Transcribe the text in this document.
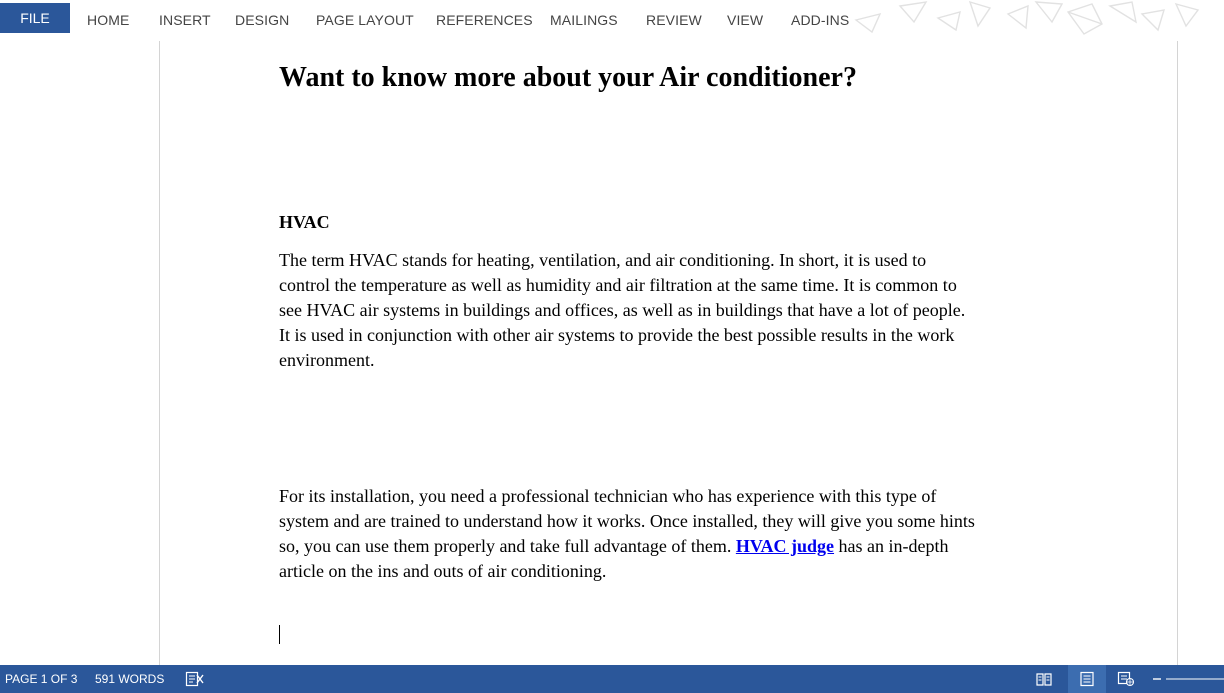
FILE	HOME INSERT DESIGN PAGE LAYOUT REFERENCES MAILINGS REVIEW VIEW ADD-INS
Want to know more about your Air conditioner?
HVAC
The term HVAC stands for heating, ventilation, and air conditioning. In short, it is used to
control the temperature as well as humidity and air filtration at the same time. It is common to
see HVAC air systems in buildings and offices, as well as in buildings that have a lot of people.
It is used in conjunction with other air systems to provide the best possible results in the work
environment.
For its installation, you need a professional technician who has experience with this type of
system and are trained to understand how it works. Once installed, they will give you some hints
so, you can use them properly and take full advantage of them. HVAC judge has an in-depth
article on the ins and outs of air conditioning.
PAGE 1 OF 3 591 WORDS
